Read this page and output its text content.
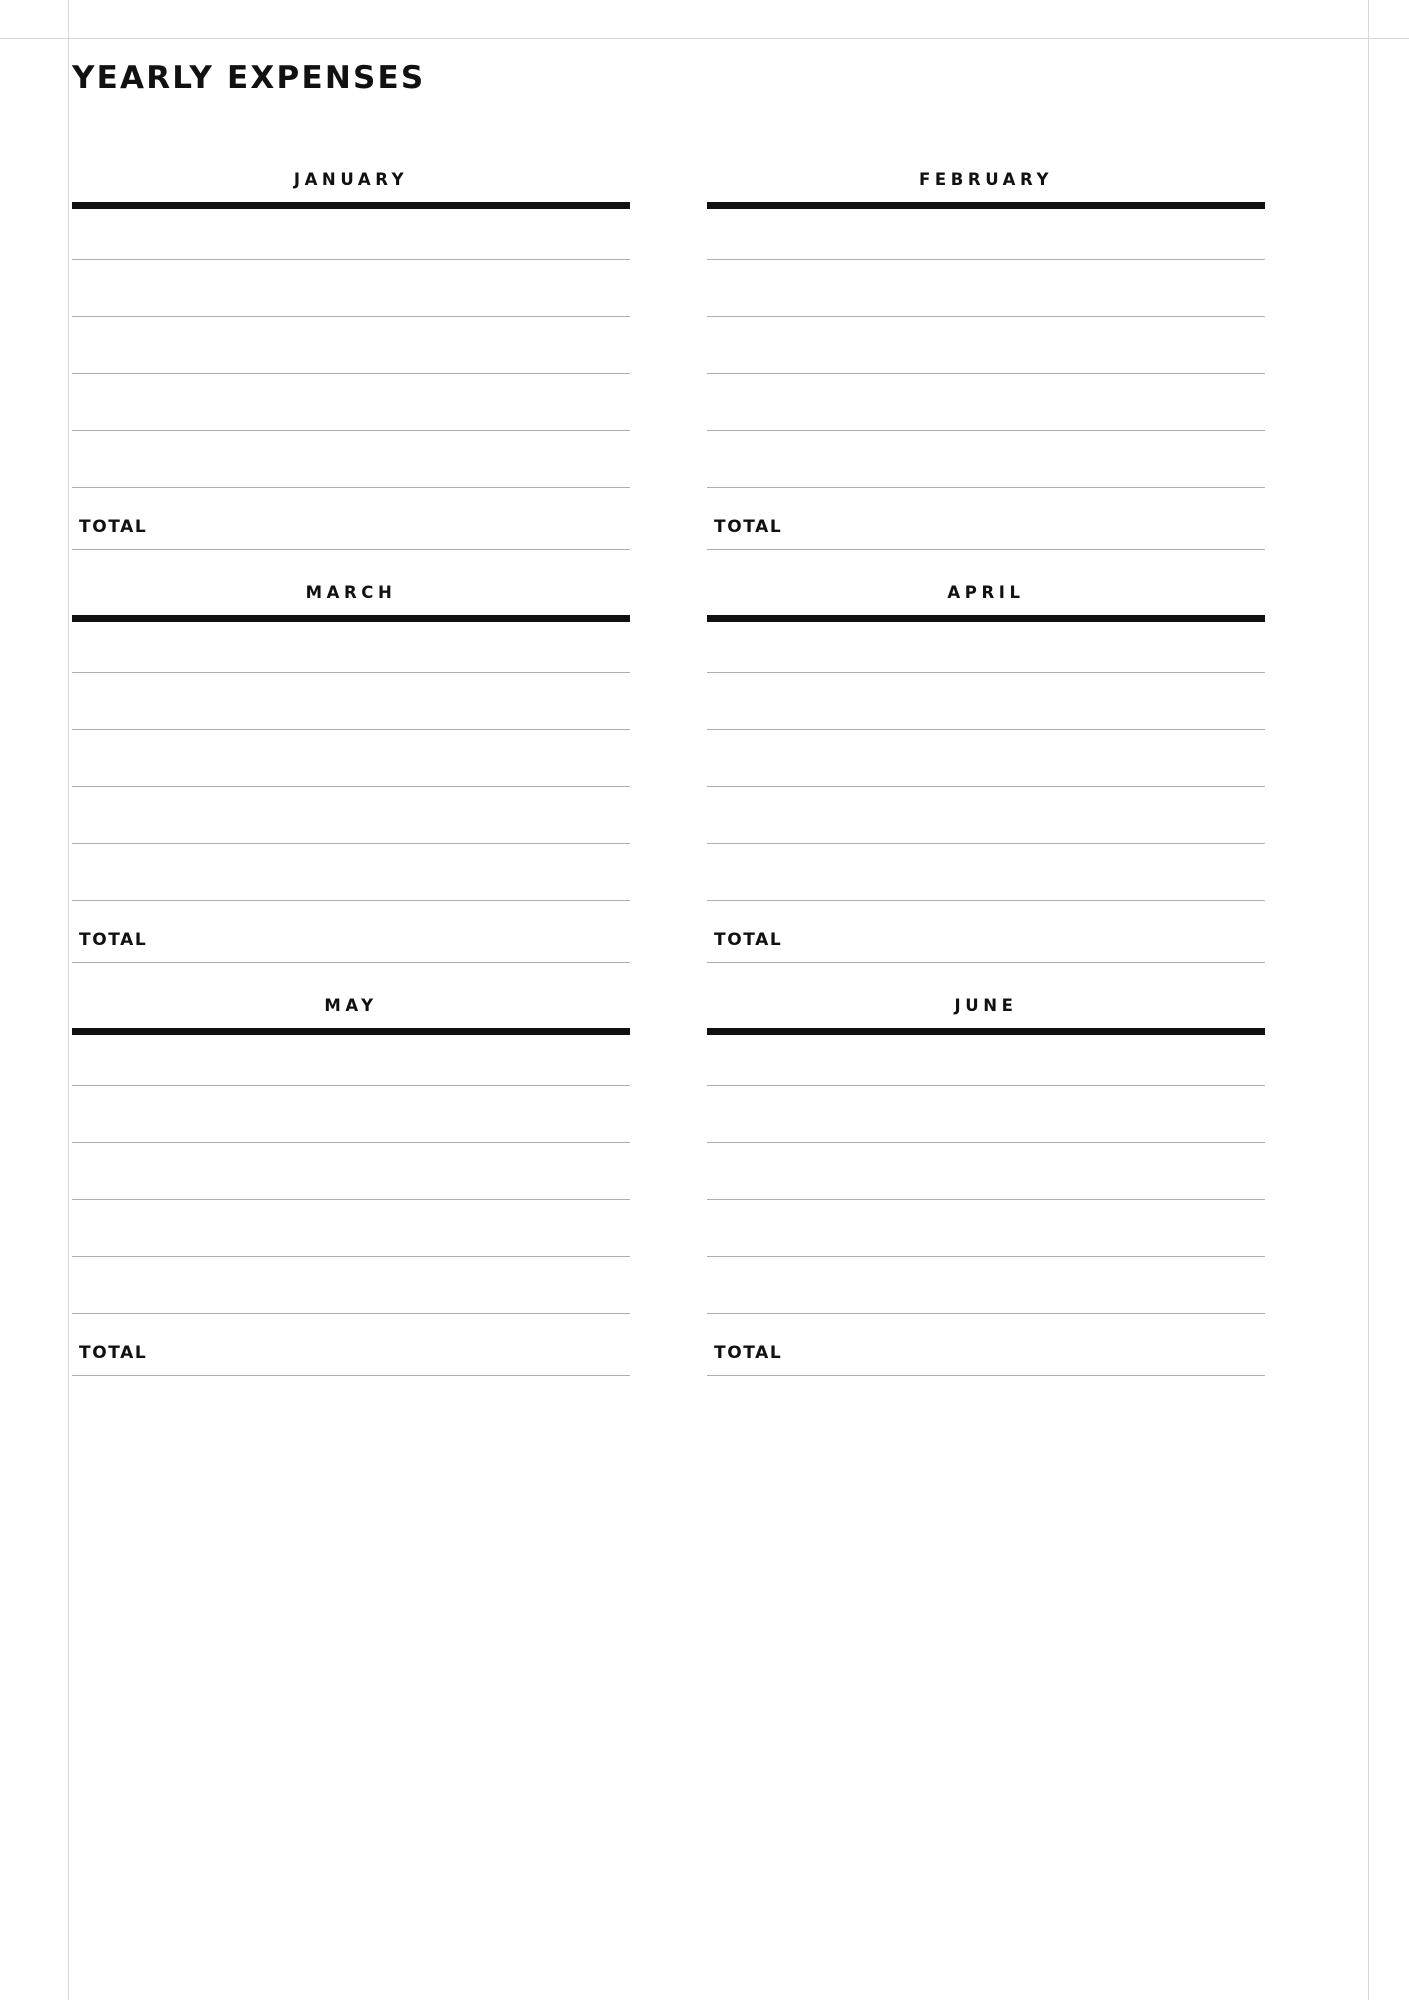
YEARLY EXPENSES
JANUARY
TOTAL
FEBRUARY
TOTAL
MARCH
TOTAL
APRIL
TOTAL
MAY
TOTAL
JUNE
TOTAL
